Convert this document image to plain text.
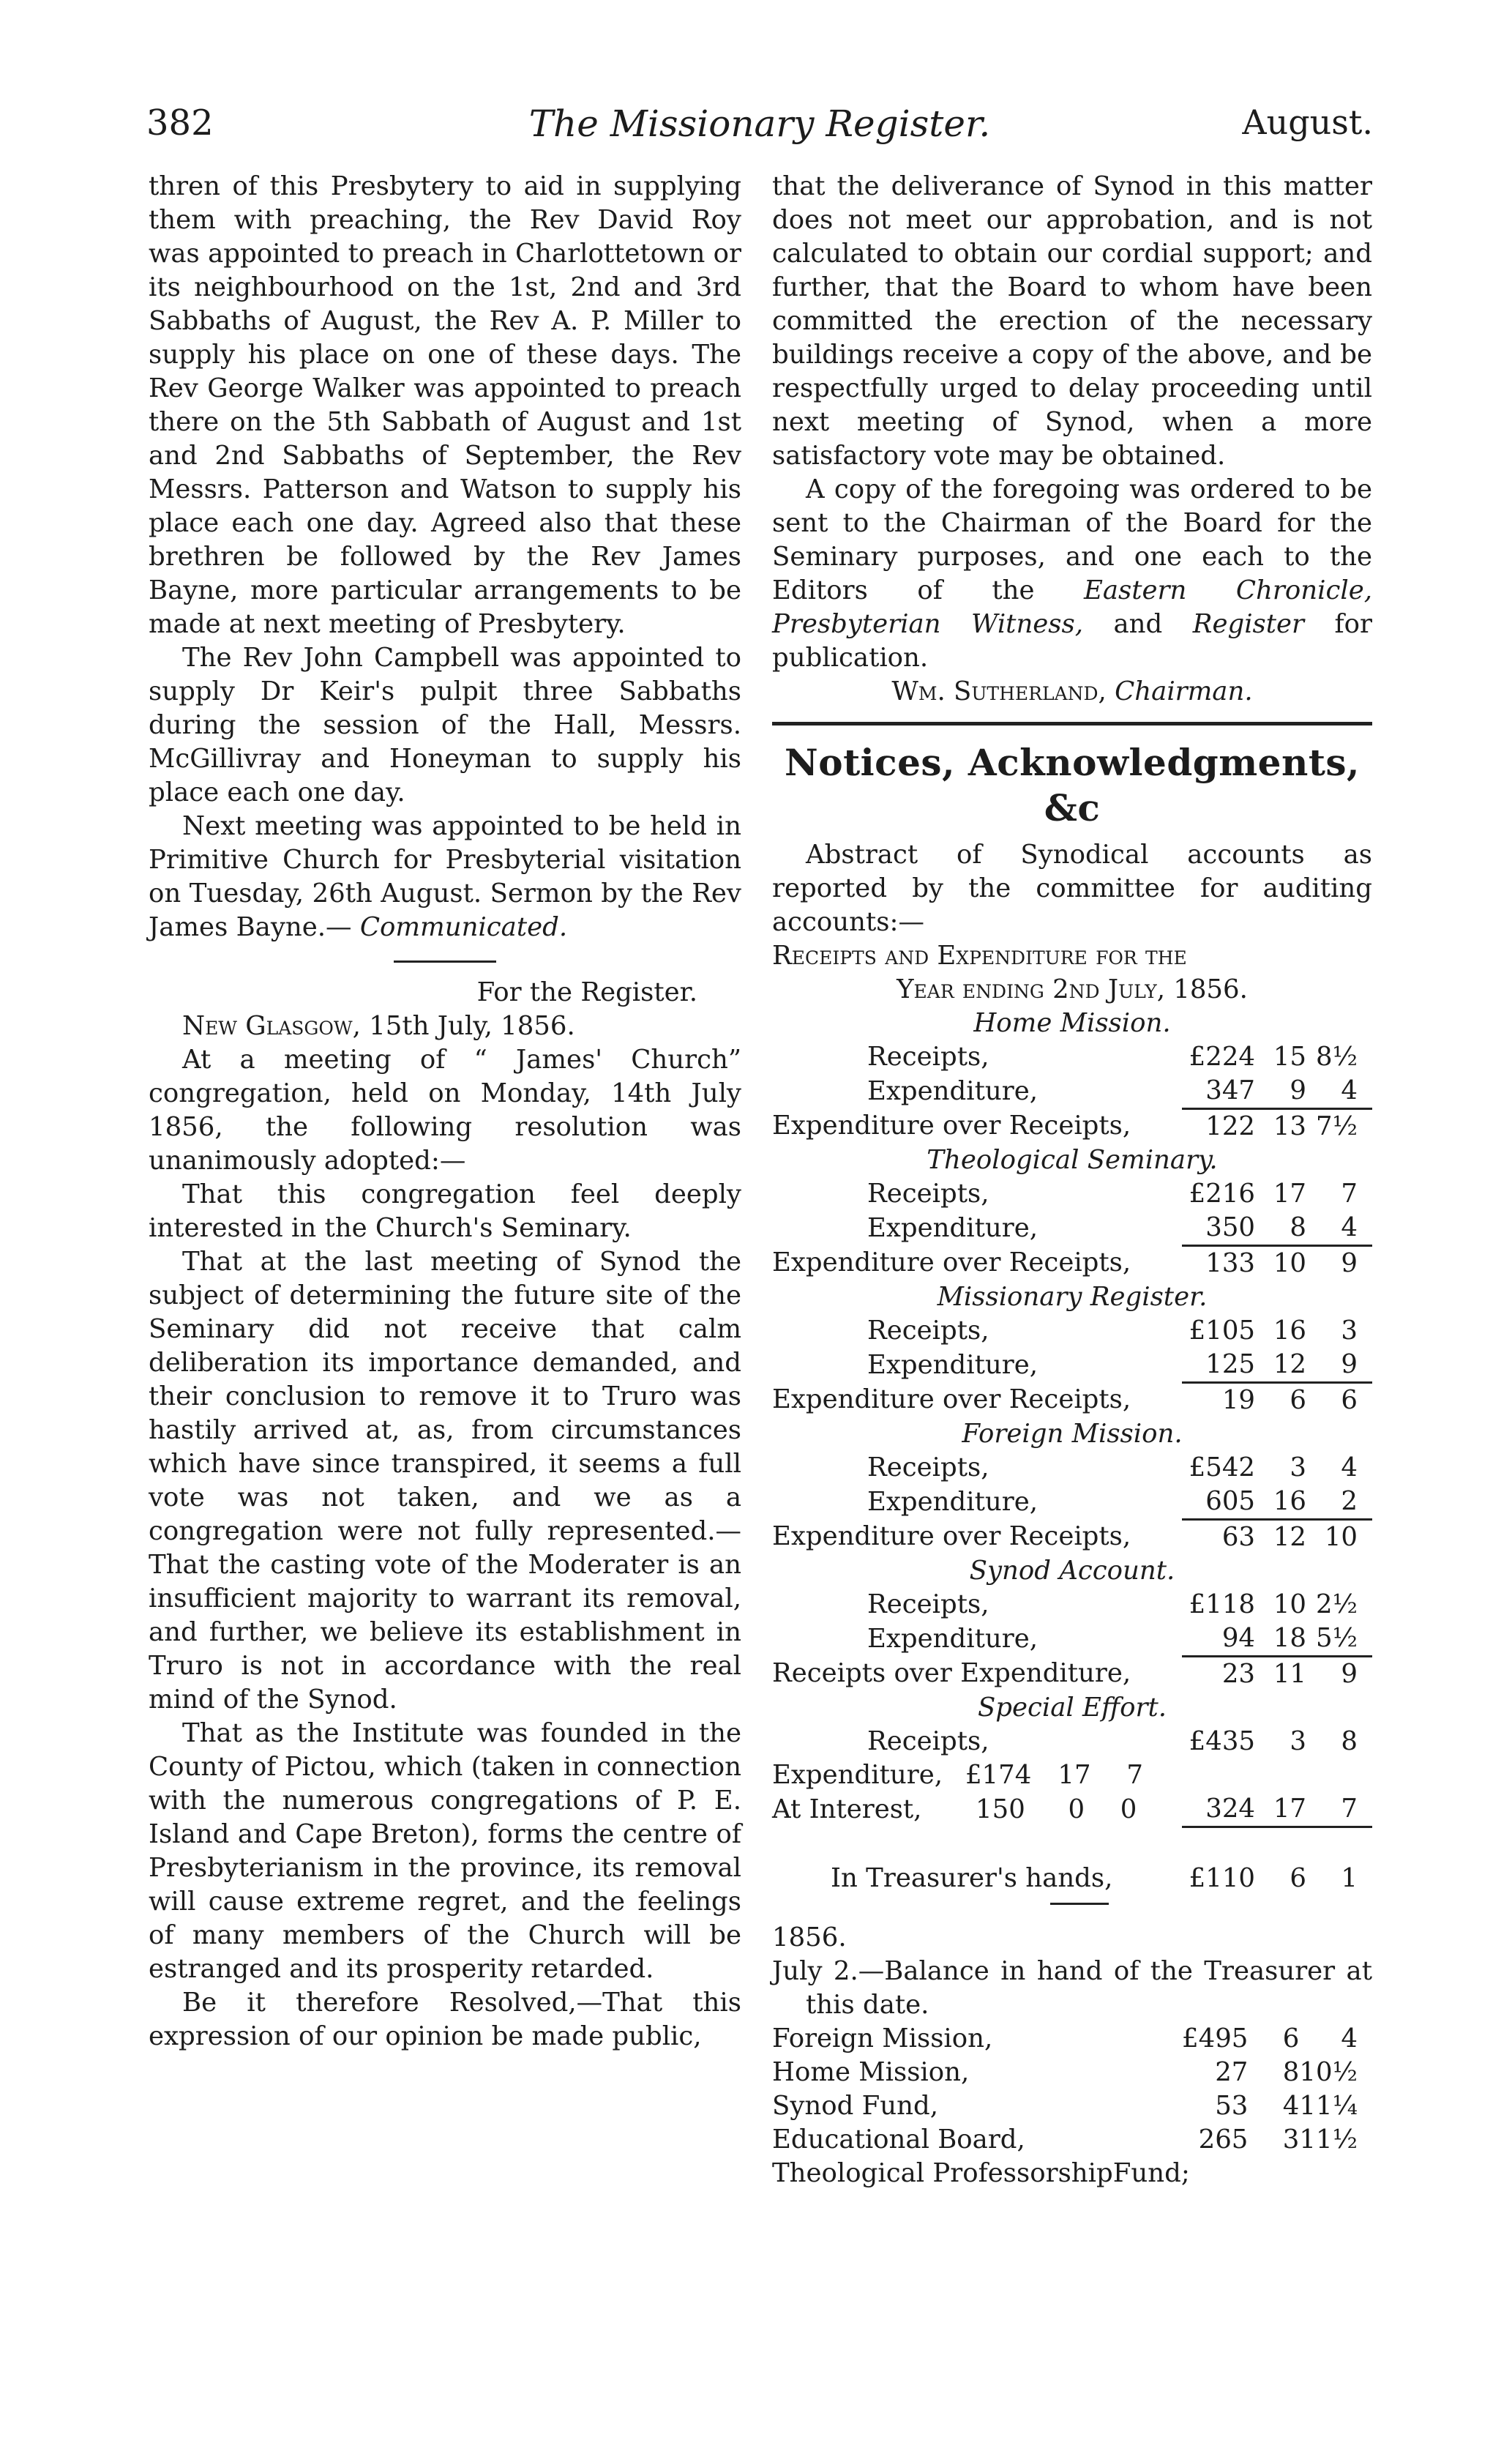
382	The Missionary Register.	August.

thren of this Presbytery to aid in supplying them with preaching, the Rev David Roy was appointed to preach in Charlottetown or its neighbourhood on the 1st, 2nd and 3rd Sabbaths of August, the Rev A. P. Miller to supply his place on one of these days. The Rev George Walker was appointed to preach there on the 5th Sabbath of August and 1st and 2nd Sabbaths of September, the Rev Messrs. Patterson and Watson to supply his place each one day. Agreed also that these brethren be followed by the Rev James Bayne, more particular arrangements to be made at next meeting of Presbytery.

The Rev John Campbell was appointed to supply Dr Keir's pulpit three Sabbaths during the session of the Hall, Messrs. McGillivray and Honeyman to supply his place each one day.

Next meeting was appointed to be held in Primitive Church for Presbyterial visitation on Tuesday, 26th August. Sermon by the Rev James Bayne.— Communicated.

For the Register.

New Glasgow, 15th July, 1856.

At a meeting of “ James' Church” congregation, held on Monday, 14th July 1856, the following resolution was unanimously adopted:—

That this congregation feel deeply interested in the Church's Seminary.

That at the last meeting of Synod the subject of determining the future site of the Seminary did not receive that calm deliberation its importance demanded, and their conclusion to remove it to Truro was hastily arrived at, as, from circumstances which have since transpired, it seems a full vote was not taken, and we as a congregation were not fully represented.—That the casting vote of the Moderater is an insufficient majority to warrant its removal, and further, we believe its establishment in Truro is not in accordance with the real mind of the Synod.

That as the Institute was founded in the County of Pictou, which (taken in connection with the numerous congregations of P. E. Island and Cape Breton), forms the centre of Presbyterianism in the province, its removal will cause extreme regret, and the feelings of many members of the Church will be estranged and its prosperity retarded.

Be it therefore Resolved,—That this expression of our opinion be made public,

that the deliverance of Synod in this matter does not meet our approbation, and is not calculated to obtain our cordial support; and further, that the Board to whom have been committed the erection of the necessary buildings receive a copy of the above, and be respectfully urged to delay proceeding until next meeting of Synod, when a more satisfactory vote may be obtained.

A copy of the foregoing was ordered to be sent to the Chairman of the Board for the Seminary purposes, and one each to the Editors of the Eastern Chronicle, Presbyterian Witness, and Register for publication.

Wm. Sutherland, Chairman.

Notices, Acknowledgments, &c

Abstract of Synodical accounts as reported by the committee for auditing accounts:—

Receipts and Expenditure for the

Year ending 2nd July, 1856.

Home Mission.			
Receipts,	£224	15	8½
Expenditure,	347	9	4
Expenditure over Receipts,	122	13	7½
Theological Seminary.			
Receipts,	£216	17	7
Expenditure,	350	8	4
Expenditure over Receipts,	133	10	9
Missionary Register.			
Receipts,	£105	16	3
Expenditure,	125	12	9
Expenditure over Receipts,	19	6	6
Foreign Mission.			
Receipts,	£542	3	4
Expenditure,	605	16	2
Expenditure over Receipts,	63	12	10
Synod Account.			
Receipts,	£118	10	2½
Expenditure,	94	18	5½
Receipts over Expenditure,	23	11	9
Special Effort.			
Receipts,	£435	3	8
Expenditure, £174 17 7			
At Interest, 150 0 0	324	17	7

In Treasurer's hands,	£110	6	1

1856.

July 2.—Balance in hand of the Treasurer at this date.

Foreign Mission,	£495	6	4
Home Mission,	27	8	10½
Synod Fund,	53	4	11¼
Educational Board,	265	3	11½
Theological ProfessorshipFund;			
